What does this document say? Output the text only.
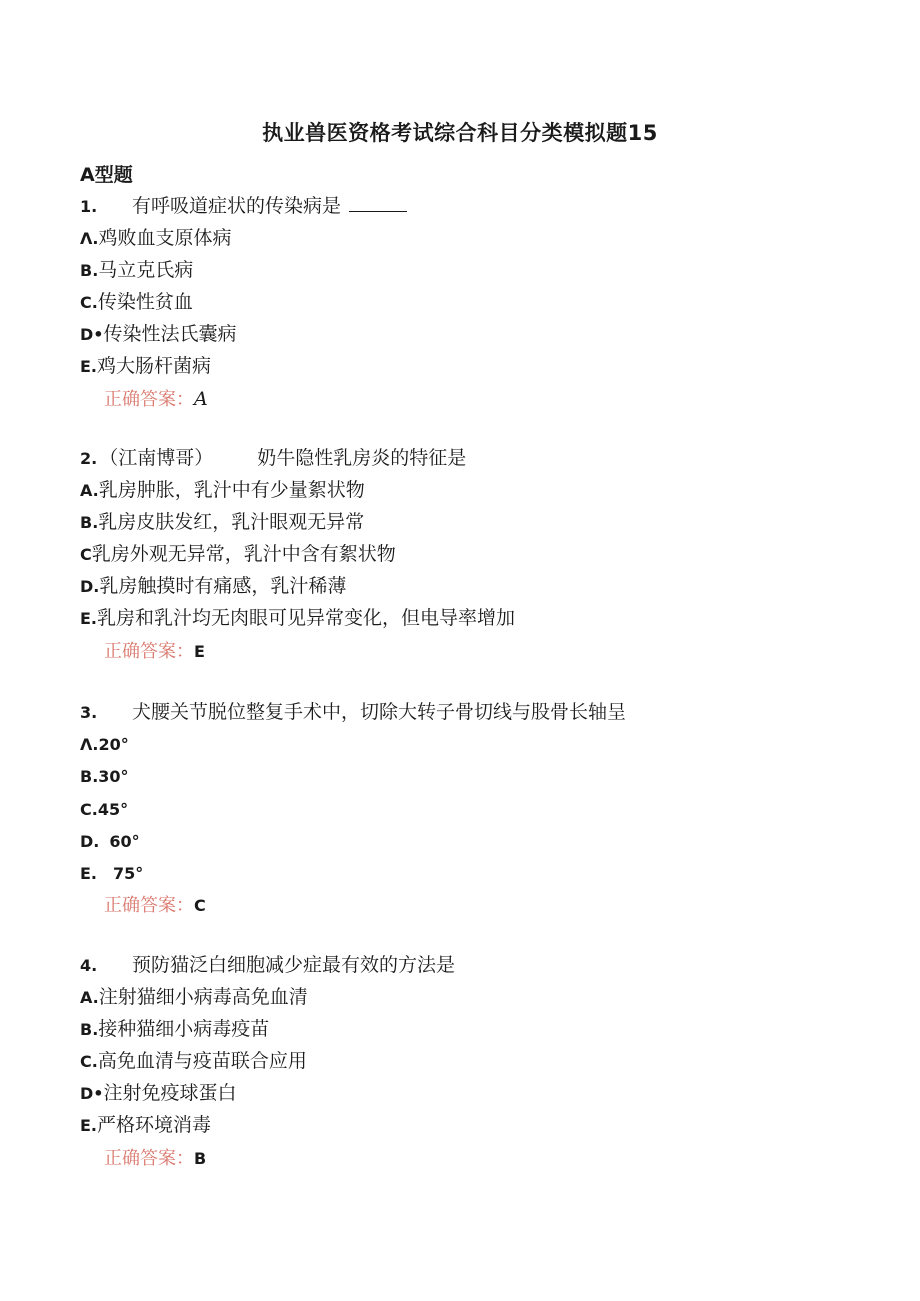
执业兽医资格考试综合科目分类模拟题15
A型题
1. 有呼吸道症状的传染病是
Λ.鸡败血支原体病
B.马立克氏病
C.传染性贫血
D•传染性法氏囊病
E.鸡大肠杆菌病
正确答案：A
2. （江南博哥） 奶牛隐性乳房炎的特征是
A.乳房肿胀，乳汁中有少量絮状物
B.乳房皮肤发红，乳汁眼观无异常
C乳房外观无异常，乳汁中含有絮状物
D.乳房触摸时有痛感，乳汁稀薄
E.乳房和乳汁均无肉眼可见异常变化，但电导率增加
正确答案：E
3. 犬腰关节脱位整复手术中，切除大转子骨切线与股骨长轴呈
Λ.20°
B.30°
C.45°
D. 60°
E. 75°
正确答案：C
4. 预防猫泛白细胞减少症最有效的方法是
A.注射猫细小病毒高免血清
B.接种猫细小病毒疫苗
C.高免血清与疫苗联合应用
D•注射免疫球蛋白
E.严格环境消毒
正确答案：B
